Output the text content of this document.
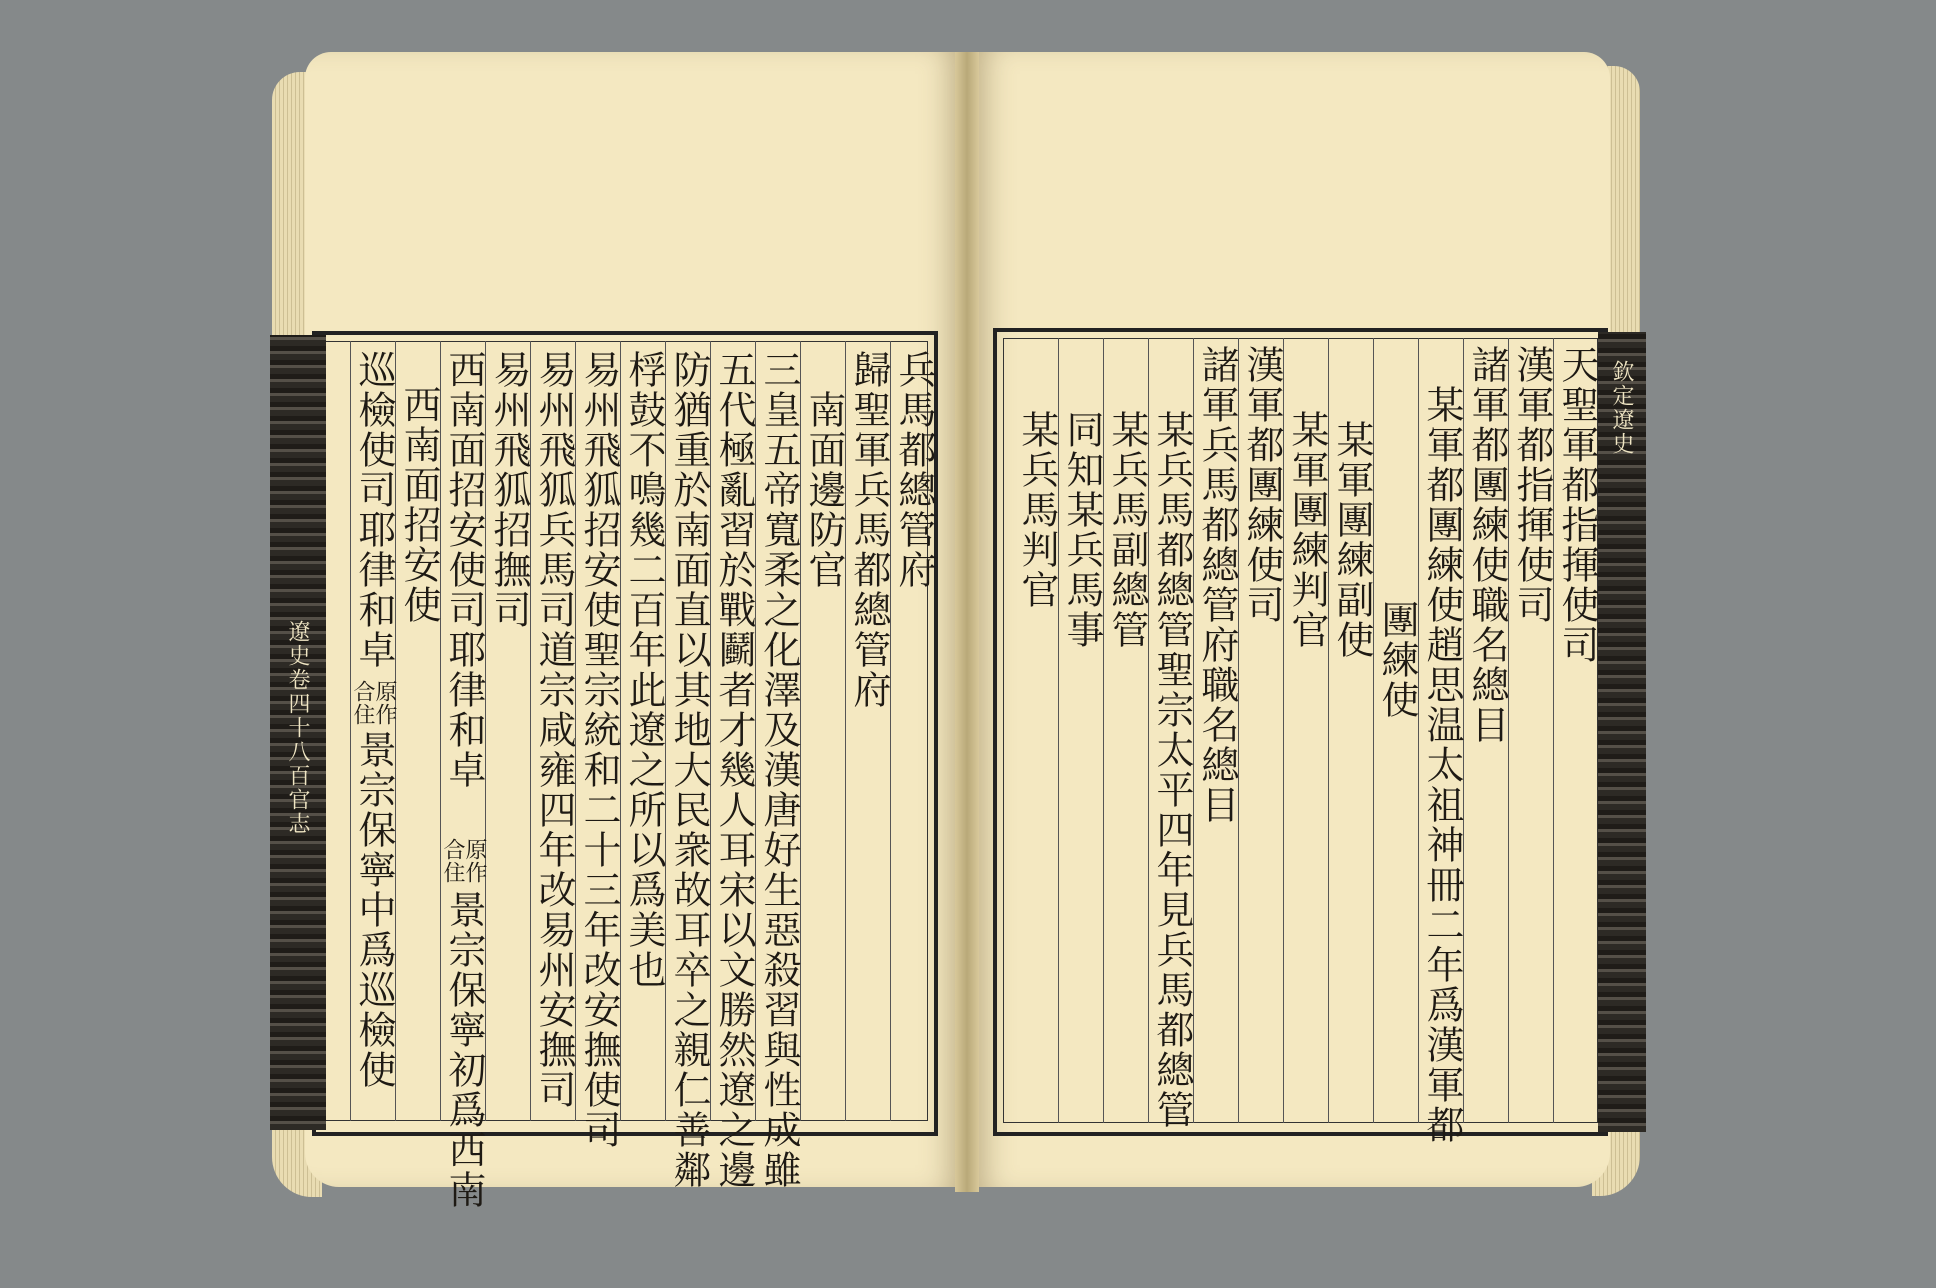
遼史卷四十八百官志
兵馬都總管府
歸聖軍兵馬都總管府
南面邊防官
三皇五帝寬柔之化澤及漢唐好生惡殺習與性成雖
五代極亂習於戰鬬者才幾人耳宋以文勝然遼之邊
防猶重於南面直以其地大民衆故耳卒之親仁善鄰
桴鼓不鳴幾二百年此遼之所以爲美也
易州飛狐招安使聖宗統和二十三年改安撫使司
易州飛狐兵馬司道宗咸雍四年改易州安撫司
易州飛狐招撫司
西南面招安使司耶律和卓
原作
合住
景宗保寧初爲西南
西南面招安使
巡檢使司耶律和卓
原作
合住
景宗保寧中爲巡檢使
欽定遼史
天聖軍都指揮使司
漢軍都指揮使司
諸軍都團練使職名總目
某軍都團練使趙思温太祖神冊二年爲漢軍都
團練使
某軍團練副使
某軍團練判官
漢軍都團練使司
諸軍兵馬都總管府職名總目
某兵馬都總管聖宗太平四年見兵馬都總管
某兵馬副總管
同知某兵馬事
某兵馬判官
